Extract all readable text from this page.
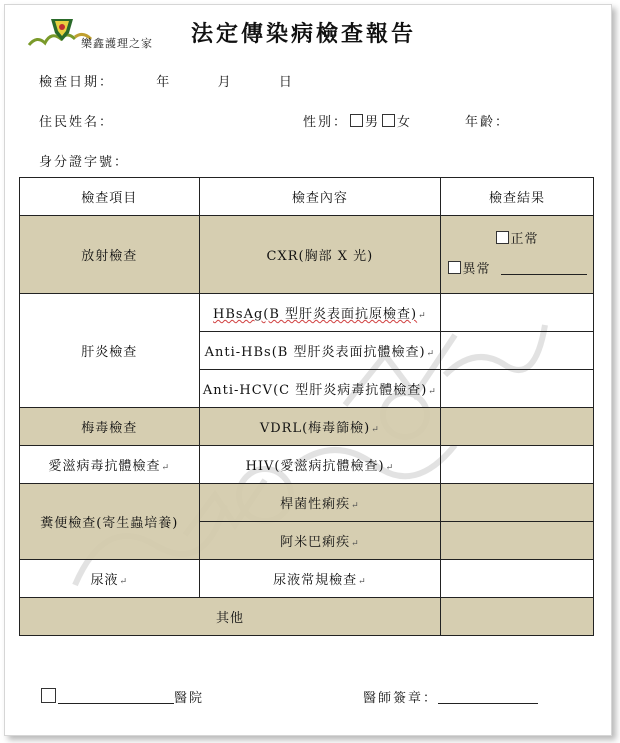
樂鑫護理之家 法定傳染病檢查報告
檢查日期：	年	月	日
住民姓名：	性別： 男 女	年齡：
身分證字號：
檢查項目	檢查內容	檢查結果
放射檢查	CXR(胸部 X 光)	正常
異常

肝炎檢查	HBsAg(B 型肝炎表面抗原檢查)↵	
	Anti-HBs(B 型肝炎表面抗體檢查)↵	
	Anti-HCV(C 型肝炎病毒抗體檢查)↵	
梅毒檢查	VDRL(梅毒篩檢)↵	
愛滋病毒抗體檢查↵	HIV(愛滋病抗體檢查)↵	
糞便檢查(寄生蟲培養)	桿菌性痢疾↵	
	阿米巴痢疾↵	
尿液↵	尿液常規檢查↵	
其他		
醫院	醫師簽章：
